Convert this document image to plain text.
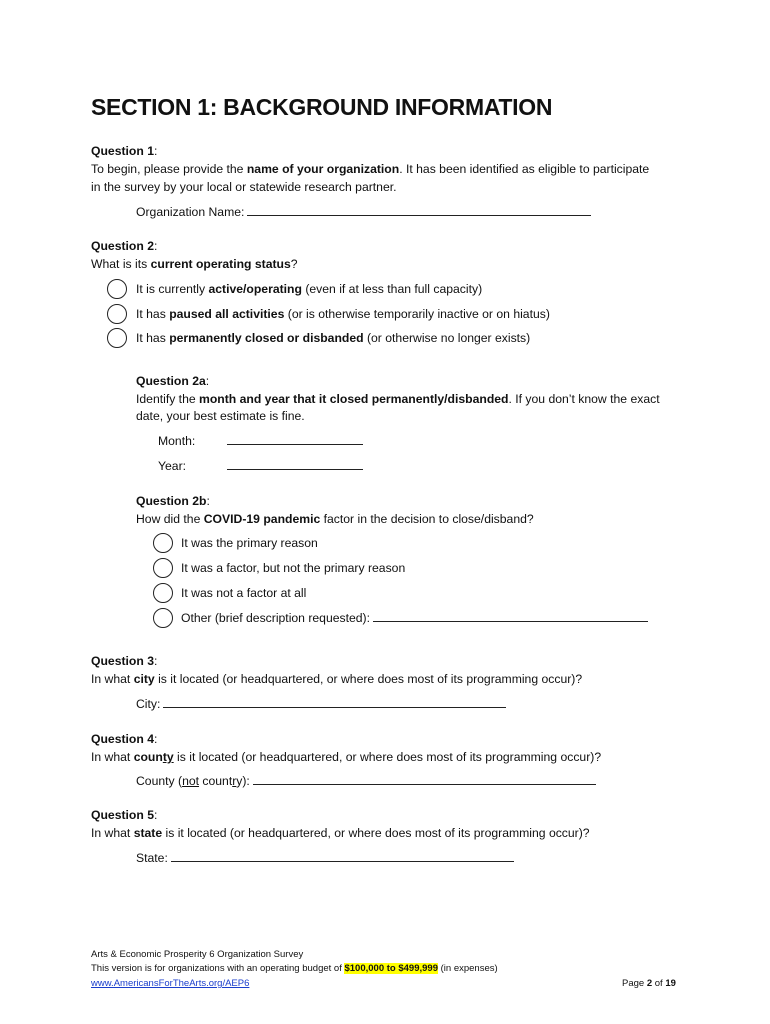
SECTION 1: BACKGROUND INFORMATION
Question 1:
To begin, please provide the name of your organization. It has been identified as eligible to participate
in the survey by your local or statewide research partner.
Organization Name:
Question 2:
What is its current operating status?
It is currently active/operating (even if at less than full capacity)
It has paused all activities (or is otherwise temporarily inactive or on hiatus)
It has permanently closed or disbanded (or otherwise no longer exists)
Question 2a:
Identify the month and year that it closed permanently/disbanded. If you don’t know the exact
date, your best estimate is fine.
Month:
Year:
Question 2b:
How did the COVID-19 pandemic factor in the decision to close/disband?
It was the primary reason
It was a factor, but not the primary reason
It was not a factor at all
Other (brief description requested):
Question 3:
In what city is it located (or headquartered, or where does most of its programming occur)?
City:
Question 4:
In what county is it located (or headquartered, or where does most of its programming occur)?
County (not country):
Question 5:
In what state is it located (or headquartered, or where does most of its programming occur)?
State:
Arts & Economic Prosperity 6 Organization Survey
This version is for organizations with an operating budget of $100,000 to $499,999 (in expenses)
www.AmericansForTheArts.org/AEP6	Page 2 of 19
